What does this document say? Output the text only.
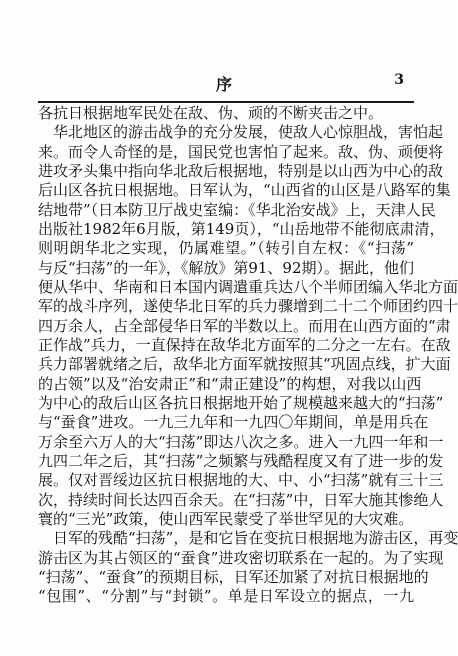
序	3
各抗日根据地军民处在敌、伪、顽的不断夹击之中。
　华北地区的游击战争的充分发展，使敌人心惊胆战，害怕起
来。而令人奇怪的是，国民党也害怕了起来。敌、伪、顽便将
进攻矛头集中指向华北敌后根据地，特别是以山西为中心的敌
后山区各抗日根据地。日军认为，“山西省的山区是八路军的集
结地带”（日本防卫厅战史室编：《华北治安战》上，天津人民
出版社1982年6月版，第149页），“山岳地带不能彻底肃清，
则明朗华北之实现，仍属难望。”（转引自左权：《“扫荡”
与反“扫荡”的一年》，《解放》第91、92期）。据此，他们
便从华中、华南和日本国内调遣重兵达八个半师团编入华北方面
军的战斗序列，遂使华北日军的兵力骤增到二十二个师团约四十
四万余人，占全部侵华日军的半数以上。而用在山西方面的“肃
正作战”兵力，一直保持在敌华北方面军的二分之一左右。在敌
兵力部署就绪之后，敌华北方面军就按照其“巩固点线，扩大面
的占领”以及“治安肃正”和“肃正建设”的构想，对我以山西
为中心的敌后山区各抗日根据地开始了规模越来越大的“扫荡”
与“蚕食”进攻。一九三九年和一九四〇年期间，单是用兵在
万余至六万人的大“扫荡”即达八次之多。进入一九四一年和一
九四二年之后，其“扫荡”之频繁与残酷程度又有了进一步的发
展。仅对晋绥边区抗日根据地的大、中、小“扫荡”就有三十三
次，持续时间长达四百余天。在“扫荡”中，日军大施其惨绝人
寰的“三光”政策，使山西军民蒙受了举世罕见的大灾难。
　日军的残酷“扫荡”，是和它旨在变抗日根据地为游击区，再变
游击区为其占领区的“蚕食”进攻密切联系在一起的。为了实现
“扫荡”、“蚕食”的预期目标，日军还加紧了对抗日根据地的
“包围”、“分割”与“封锁”。单是日军设立的据点，一九
